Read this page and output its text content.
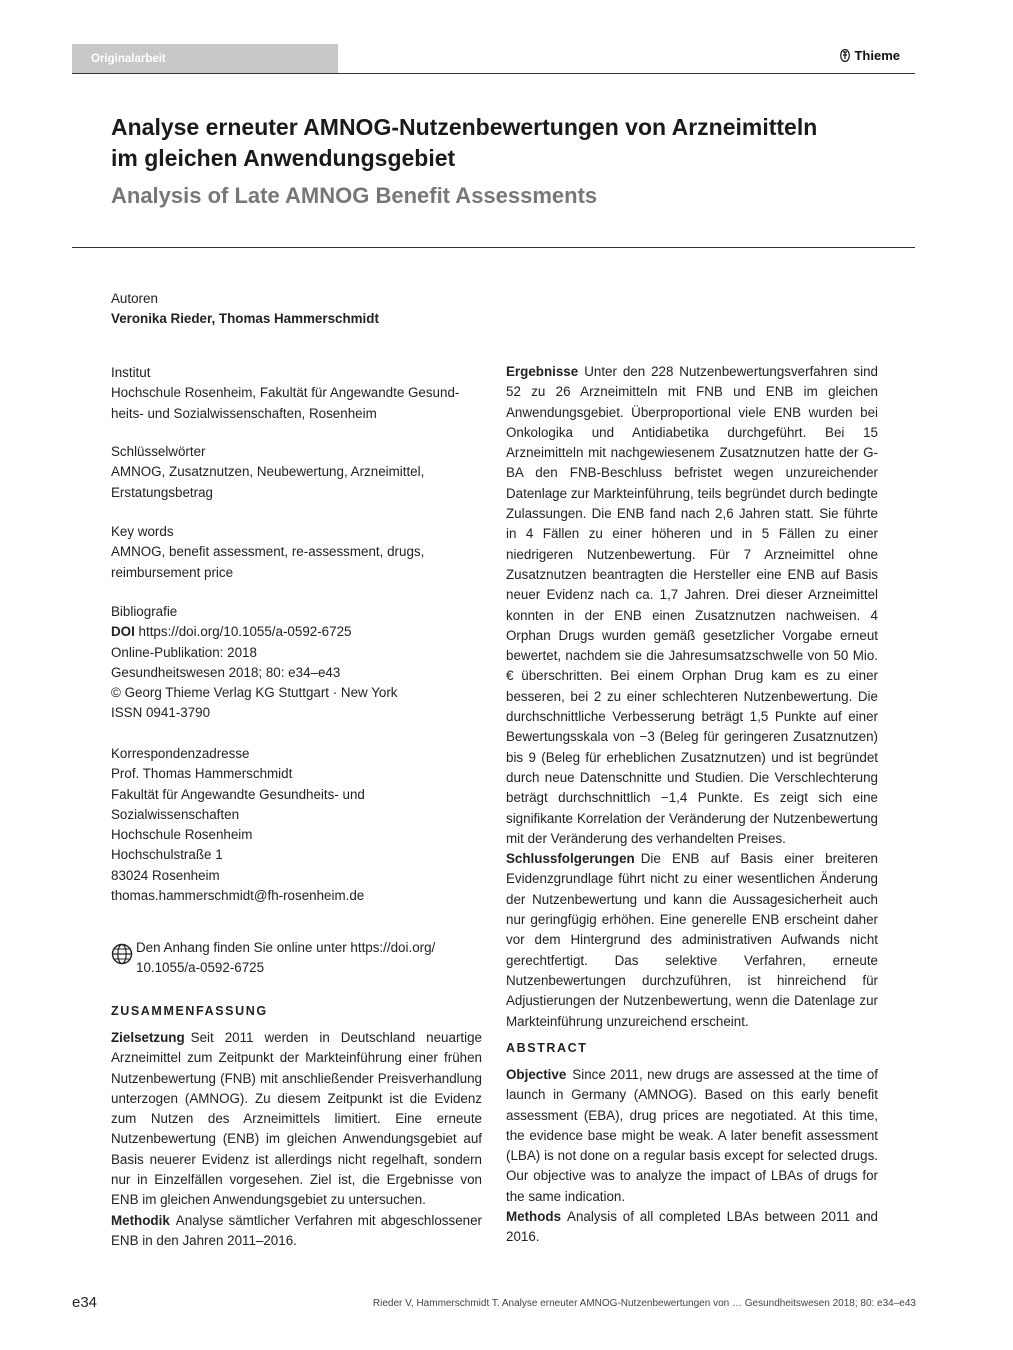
Originalarbeit	Thieme
Analyse erneuter AMNOG-Nutzenbewertungen von Arzneimitteln
im gleichen Anwendungsgebiet
Analysis of Late AMNOG Benefit Assessments
Autoren
Veronika Rieder, Thomas Hammerschmidt
Institut
Hochschule Rosenheim, Fakultät für Angewandte Gesund-
heits- und Sozialwissenschaften, Rosenheim
Schlüsselwörter
AMNOG, Zusatznutzen, Neubewertung, Arzneimittel,
Erstatungsbetrag
Key words
AMNOG, benefit assessment, re-assessment, drugs,
reimbursement price
Bibliografie
DOI https://doi.org/10.1055/a-0592-6725
Online-Publikation: 2018
Gesundheitswesen 2018; 80: e34–e43
© Georg Thieme Verlag KG Stuttgart · New York
ISSN 0941-3790
Korrespondenzadresse
Prof. Thomas Hammerschmidt
Fakultät für Angewandte Gesundheits- und
Sozialwissenschaften
Hochschule Rosenheim
Hochschulstraße 1
83024 Rosenheim
thomas.hammerschmidt@fh-rosenheim.de
Den Anhang finden Sie online unter https://doi.org/
10.1055/a-0592-6725
ZUSAMMENFASSUNG
Zielsetzung Seit 2011 werden in Deutschland neuartige Arzneimittel zum Zeitpunkt der Markteinführung einer frühen Nutzenbewertung (FNB) mit anschließender Preisverhandlung unterzogen (AMNOG). Zu diesem Zeitpunkt ist die Evidenz zum Nutzen des Arzneimittels limitiert. Eine erneute Nutzenbewertung (ENB) im gleichen Anwendungsgebiet auf Basis neuerer Evidenz ist allerdings nicht regelhaft, sondern nur in Einzelfällen vorgesehen. Ziel ist, die Ergebnisse von ENB im gleichen Anwendungsgebiet zu untersuchen.
Methodik Analyse sämtlicher Verfahren mit abgeschlossener ENB in den Jahren 2011–2016.
Ergebnisse Unter den 228 Nutzenbewertungsverfahren sind 52 zu 26 Arzneimitteln mit FNB und ENB im gleichen Anwendungsgebiet. Überproportional viele ENB wurden bei Onkologika und Antidiabetika durchgeführt. Bei 15 Arzneimitteln mit nachgewiesenem Zusatznutzen hatte der G-BA den FNB-Beschluss befristet wegen unzureichender Datenlage zur Markteinführung, teils begründet durch bedingte Zulassungen. Die ENB fand nach 2,6 Jahren statt. Sie führte in 4 Fällen zu einer höheren und in 5 Fällen zu einer niedrigeren Nutzenbewertung. Für 7 Arzneimittel ohne Zusatznutzen beantragten die Hersteller eine ENB auf Basis neuer Evidenz nach ca. 1,7 Jahren. Drei dieser Arzneimittel konnten in der ENB einen Zusatznutzen nachweisen. 4 Orphan Drugs wurden gemäß gesetzlicher Vorgabe erneut bewertet, nachdem sie die Jahresumsatzschwelle von 50 Mio. € überschritten. Bei einem Orphan Drug kam es zu einer besseren, bei 2 zu einer schlechteren Nutzenbewertung. Die durchschnittliche Verbesserung beträgt 1,5 Punkte auf einer Bewertungsskala von −3 (Beleg für geringeren Zusatznutzen) bis 9 (Beleg für erheblichen Zusatznutzen) und ist begründet durch neue Datenschnitte und Studien. Die Verschlechterung beträgt durchschnittlich −1,4 Punkte. Es zeigt sich eine signifikante Korrelation der Veränderung der Nutzenbewertung mit der Veränderung des verhandelten Preises.
Schlussfolgerungen Die ENB auf Basis einer breiteren Evidenzgrundlage führt nicht zu einer wesentlichen Änderung der Nutzenbewertung und kann die Aussagesicherheit auch nur geringfügig erhöhen. Eine generelle ENB erscheint daher vor dem Hintergrund des administrativen Aufwands nicht gerechtfertigt. Das selektive Verfahren, erneute Nutzenbewertungen durchzuführen, ist hinreichend für Adjustierungen der Nutzenbewertung, wenn die Datenlage zur Markteinführung unzureichend erscheint.
ABSTRACT
Objective Since 2011, new drugs are assessed at the time of launch in Germany (AMNOG). Based on this early benefit assessment (EBA), drug prices are negotiated. At this time, the evidence base might be weak. A later benefit assessment (LBA) is not done on a regular basis except for selected drugs. Our objective was to analyze the impact of LBAs of drugs for the same indication.
Methods Analysis of all completed LBAs between 2011 and 2016.
e34	Rieder V, Hammerschmidt T. Analyse erneuter AMNOG-Nutzenbewertungen von … Gesundheitswesen 2018; 80: e34–e43
